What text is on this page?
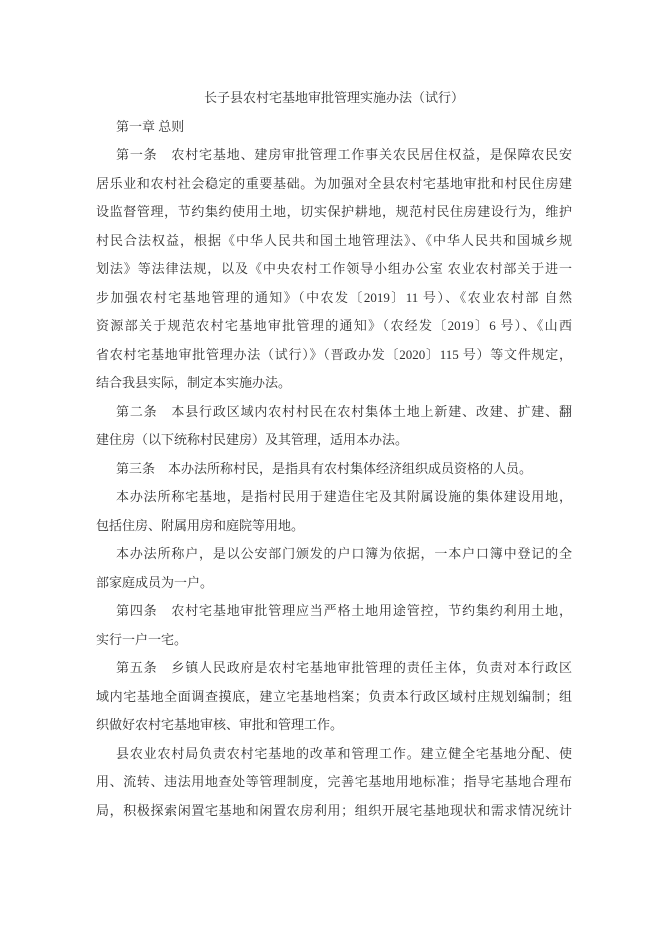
长子县农村宅基地审批管理实施办法（试行）
第一章 总则
第一条　农村宅基地、建房审批管理工作事关农民居住权益，是保障农民安
居乐业和农村社会稳定的重要基础。为加强对全县农村宅基地审批和村民住房建
设监督管理，节约集约使用土地，切实保护耕地，规范村民住房建设行为，维护
村民合法权益，根据《中华人民共和国土地管理法》、《中华人民共和国城乡规
划法》等法律法规，以及《中央农村工作领导小组办公室 农业农村部关于进一
步加强农村宅基地管理的通知》（中农发〔2019〕11 号）、《农业农村部 自然
资源部关于规范农村宅基地审批管理的通知》（农经发〔2019〕6 号）、《山西
省农村宅基地审批管理办法（试行）》（晋政办发〔2020〕115 号）等文件规定，
结合我县实际，制定本实施办法。
第二条　本县行政区域内农村村民在农村集体土地上新建、改建、扩建、翻
建住房（以下统称村民建房）及其管理，适用本办法。
第三条　本办法所称村民，是指具有农村集体经济组织成员资格的人员。
本办法所称宅基地，是指村民用于建造住宅及其附属设施的集体建设用地，
包括住房、附属用房和庭院等用地。
本办法所称户，是以公安部门颁发的户口簿为依据，一本户口簿中登记的全
部家庭成员为一户。
第四条　农村宅基地审批管理应当严格土地用途管控，节约集约利用土地，
实行一户一宅。
第五条　乡镇人民政府是农村宅基地审批管理的责任主体，负责对本行政区
域内宅基地全面调查摸底，建立宅基地档案；负责本行政区域村庄规划编制；组
织做好农村宅基地审核、审批和管理工作。
县农业农村局负责农村宅基地的改革和管理工作。建立健全宅基地分配、使
用、流转、违法用地查处等管理制度，完善宅基地用地标准；指导宅基地合理布
局，积极探索闲置宅基地和闲置农房利用；组织开展宅基地现状和需求情况统计
